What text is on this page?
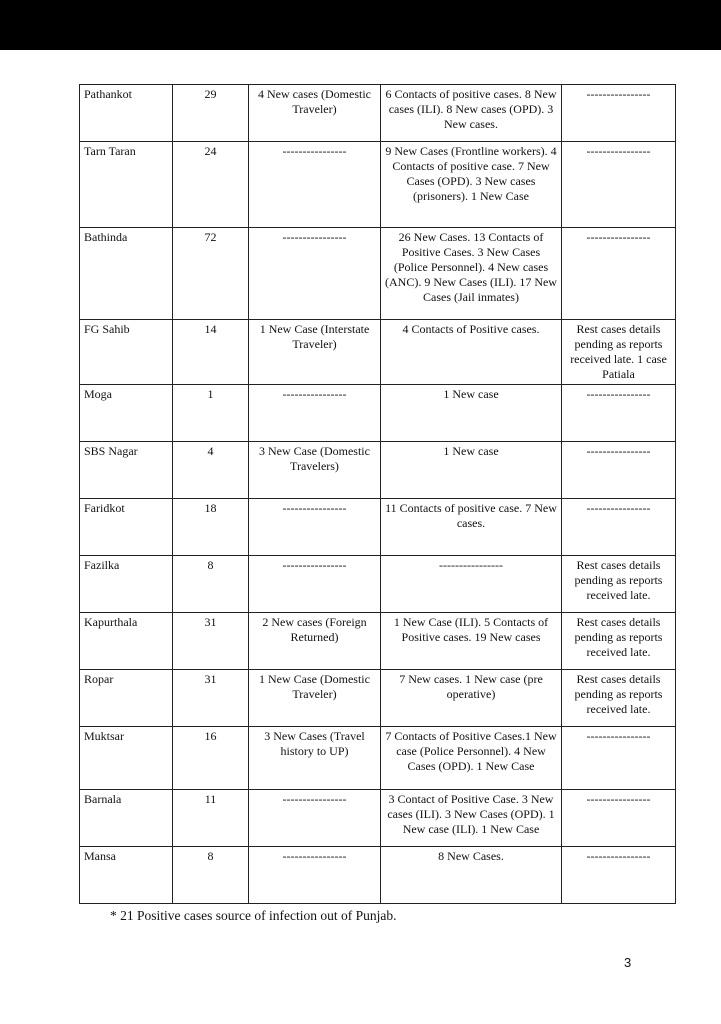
Pathankot	29	4 New cases (Domestic Traveler)	6 Contacts of positive cases. 8 New cases (ILI). 8 New cases (OPD). 3 New cases.	----------------
Tarn Taran	24	----------------	9 New Cases (Frontline workers). 4 Contacts of positive case. 7 New Cases (OPD). 3 New cases (prisoners). 1 New Case	----------------
Bathinda	72	----------------	26 New Cases. 13 Contacts of Positive Cases. 3 New Cases (Police Personnel). 4 New cases (ANC). 9 New Cases (ILI). 17 New Cases (Jail inmates)	----------------
FG Sahib	14	1 New Case (Interstate Traveler)	4 Contacts of Positive cases.	Rest cases details pending as reports received late. 1 case Patiala
Moga	1	----------------	1 New case	----------------
SBS Nagar	4	3 New Case (Domestic Travelers)	1 New case	----------------
Faridkot	18	----------------	11 Contacts of positive case. 7 New cases.	----------------
Fazilka	8	----------------	----------------	Rest cases details pending as reports received late.
Kapurthala	31	2 New cases (Foreign Returned)	1 New Case (ILI). 5 Contacts of Positive cases. 19 New cases	Rest cases details pending as reports received late.
Ropar	31	1 New Case (Domestic Traveler)	7 New cases. 1 New case (pre operative)	Rest cases details pending as reports received late.
Muktsar	16	3 New Cases (Travel history to UP)	7 Contacts of Positive Cases.1 New case (Police Personnel). 4 New Cases (OPD). 1 New Case	----------------
Barnala	11	----------------	3 Contact of Positive Case. 3 New cases (ILI). 3 New Cases (OPD). 1 New case (ILI). 1 New Case	----------------
Mansa	8	----------------	8 New Cases.	----------------
* 21 Positive cases source of infection out of Punjab.
3
